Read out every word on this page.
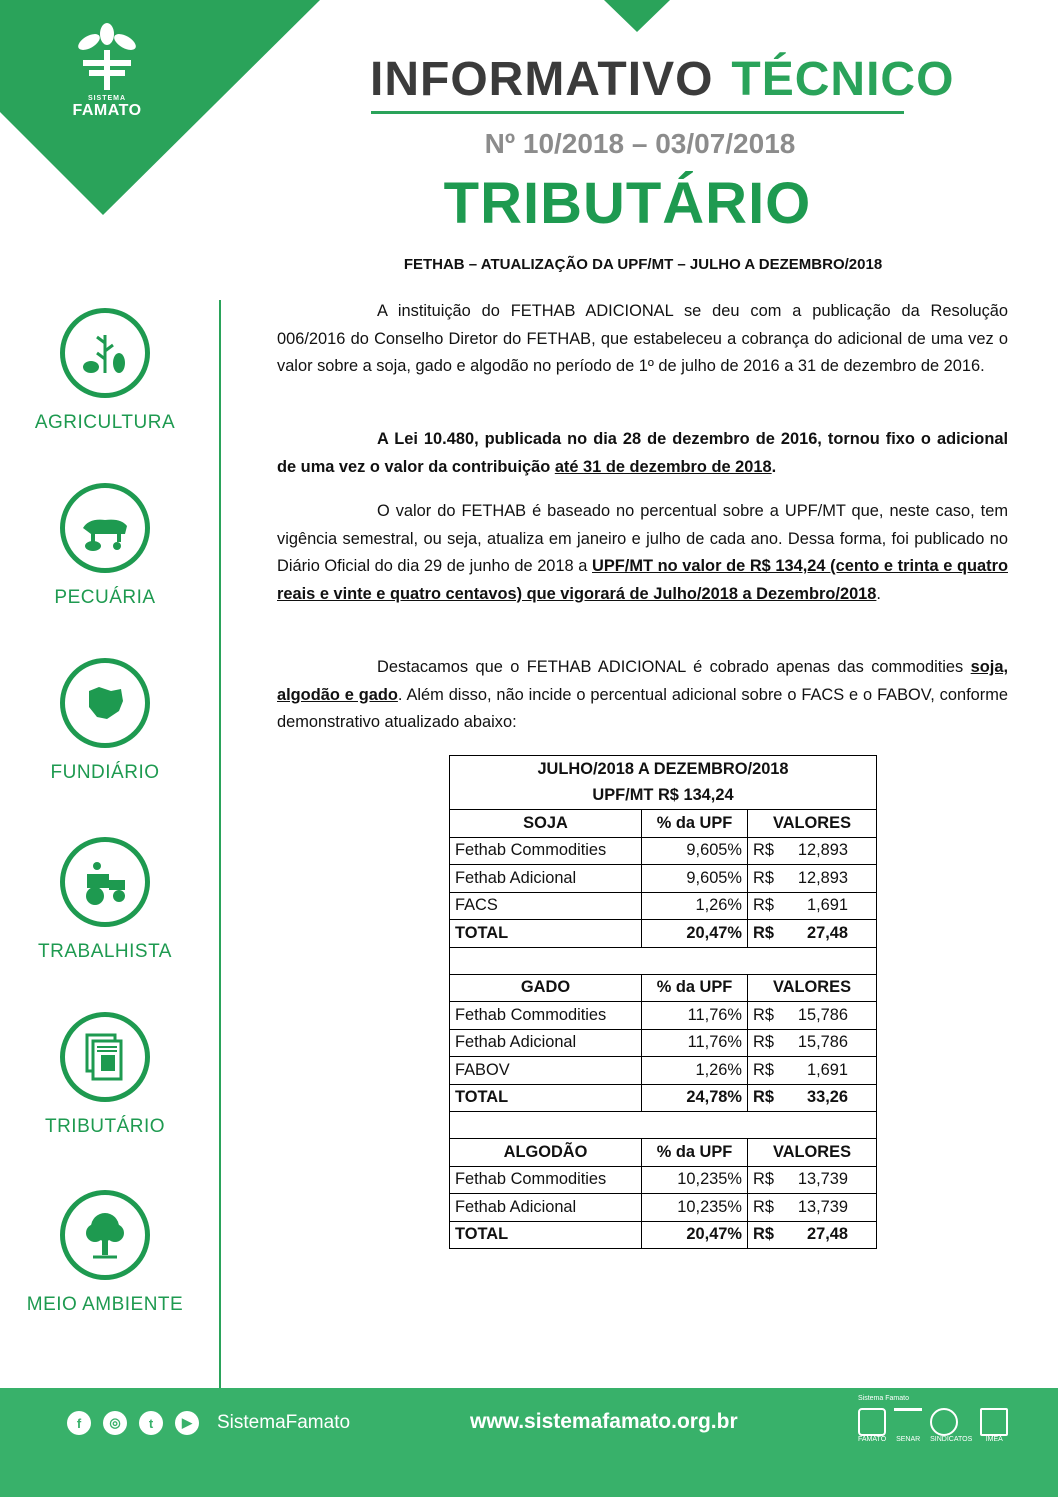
SISTEMA
FAMATO
INFORMATIVO TÉCNICO
Nº 10/2018 – 03/07/2018
TRIBUTÁRIO
AGRICULTURA
PECUÁRIA
FUNDIÁRIO
TRABALHISTA
TRIBUTÁRIO
MEIO AMBIENTE
FETHAB – ATUALIZAÇÃO DA UPF/MT – JULHO A DEZEMBRO/2018
A instituição do FETHAB ADICIONAL se deu com a publicação da Resolução 006/2016 do Conselho Diretor do FETHAB, que estabeleceu a cobrança do adicional de uma vez o valor sobre a soja, gado e algodão no período de 1º de julho de 2016 a 31 de dezembro de 2016.
A Lei 10.480, publicada no dia 28 de dezembro de 2016, tornou fixo o adicional de uma vez o valor da contribuição até 31 de dezembro de 2018.
O valor do FETHAB é baseado no percentual sobre a UPF/MT que, neste caso, tem vigência semestral, ou seja, atualiza em janeiro e julho de cada ano. Dessa forma, foi publicado no Diário Oficial do dia 29 de junho de 2018 a UPF/MT no valor de R$ 134,24 (cento e trinta e quatro reais e vinte e quatro centavos) que vigorará de Julho/2018 a Dezembro/2018.
Destacamos que o FETHAB ADICIONAL é cobrado apenas das commodities soja, algodão e gado. Além disso, não incide o percentual adicional sobre o FACS e o FABOV, conforme demonstrativo atualizado abaixo:
JULHO/2018 A DEZEMBRO/2018		
UPF/MT R$ 134,24		
SOJA	% da UPF	VALORES
Fethab Commodities	9,605%	R$ 12,893
Fethab Adicional	9,605%	R$ 12,893
FACS	1,26%	R$ 1,691
TOTAL	20,47%	R$ 27,48

GADO	% da UPF	VALORES
Fethab Commodities	11,76%	R$ 15,786
Fethab Adicional	11,76%	R$ 15,786
FABOV	1,26%	R$ 1,691
TOTAL	24,78%	R$ 33,26

ALGODÃO	% da UPF	VALORES
Fethab Commodities	10,235%	R$ 13,739
Fethab Adicional	10,235%	R$ 13,739
TOTAL	20,47%	R$ 27,48
f	◎	t	▶	SistemaFamato	www.sistemafamato.org.br
Sistema Famato
FAMATO SENAR SINDICATOS	IMEA
